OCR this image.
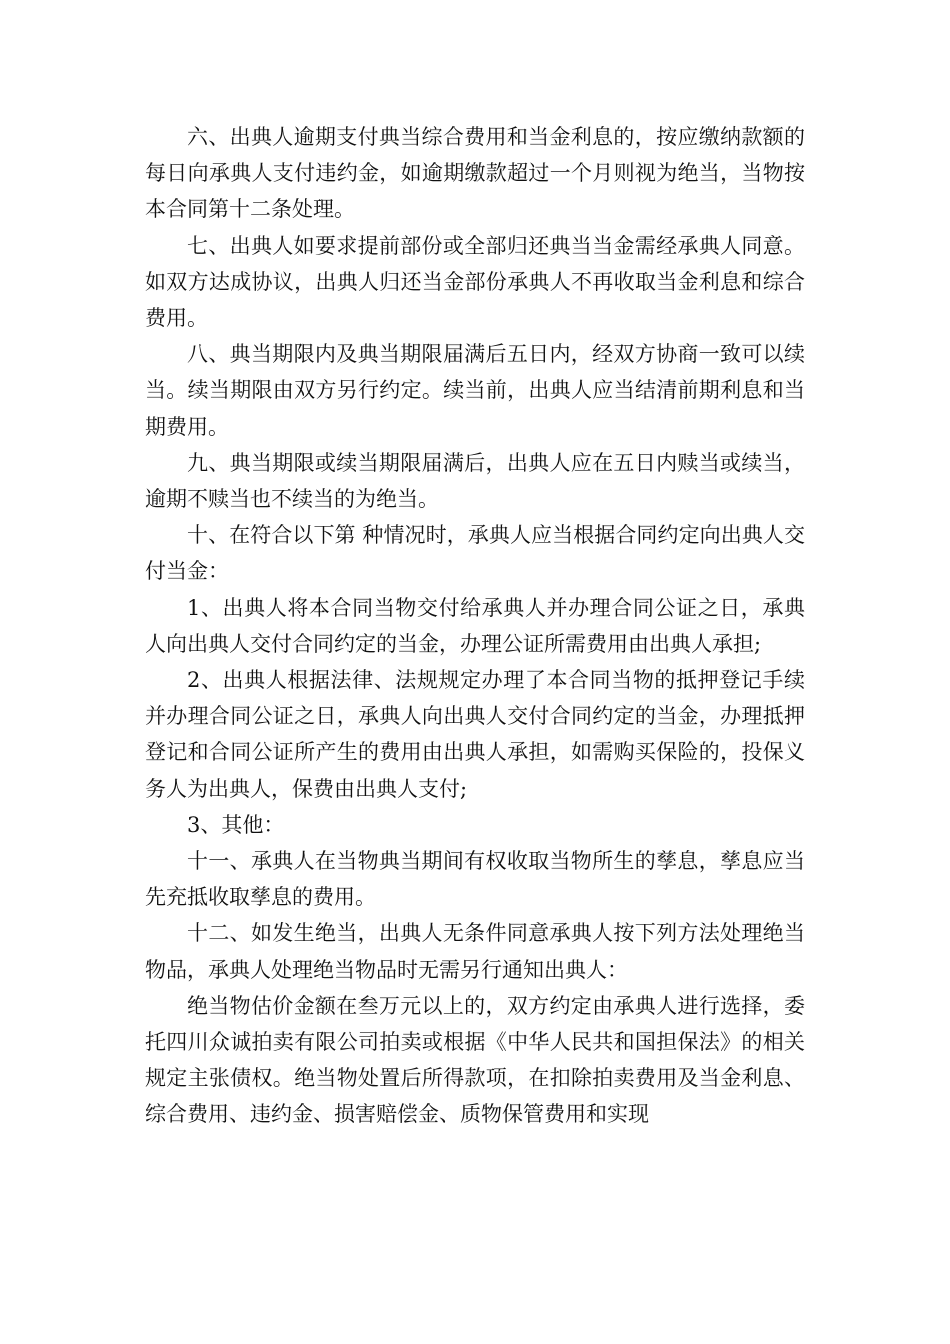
六、出典人逾期支付典当综合费用和当金利息的，按应缴纳款额的每日向承典人支付违约金，如逾期缴款超过一个月则视为绝当，当物按本合同第十二条处理。

七、出典人如要求提前部份或全部归还典当当金需经承典人同意。如双方达成协议，出典人归还当金部份承典人不再收取当金利息和综合费用。

八、典当期限内及典当期限届满后五日内，经双方协商一致可以续当。续当期限由双方另行约定。续当前，出典人应当结清前期利息和当期费用。

九、典当期限或续当期限届满后，出典人应在五日内赎当或续当，逾期不赎当也不续当的为绝当。

十、在符合以下第 种情况时，承典人应当根据合同约定向出典人交付当金：

1、出典人将本合同当物交付给承典人并办理合同公证之日，承典人向出典人交付合同约定的当金，办理公证所需费用由出典人承担;

2、出典人根据法律、法规规定办理了本合同当物的抵押登记手续并办理合同公证之日，承典人向出典人交付合同约定的当金，办理抵押登记和合同公证所产生的费用由出典人承担，如需购买保险的，投保义务人为出典人，保费由出典人支付;

3、其他：

十一、承典人在当物典当期间有权收取当物所生的孳息，孳息应当先充抵收取孳息的费用。

十二、如发生绝当，出典人无条件同意承典人按下列方法处理绝当物品，承典人处理绝当物品时无需另行通知出典人：

绝当物估价金额在叁万元以上的，双方约定由承典人进行选择，委托四川众诚拍卖有限公司拍卖或根据《中华人民共和国担保法》的相关规定主张债权。绝当物处置后所得款项，在扣除拍卖费用及当金利息、综合费用、违约金、损害赔偿金、质物保管费用和实现
